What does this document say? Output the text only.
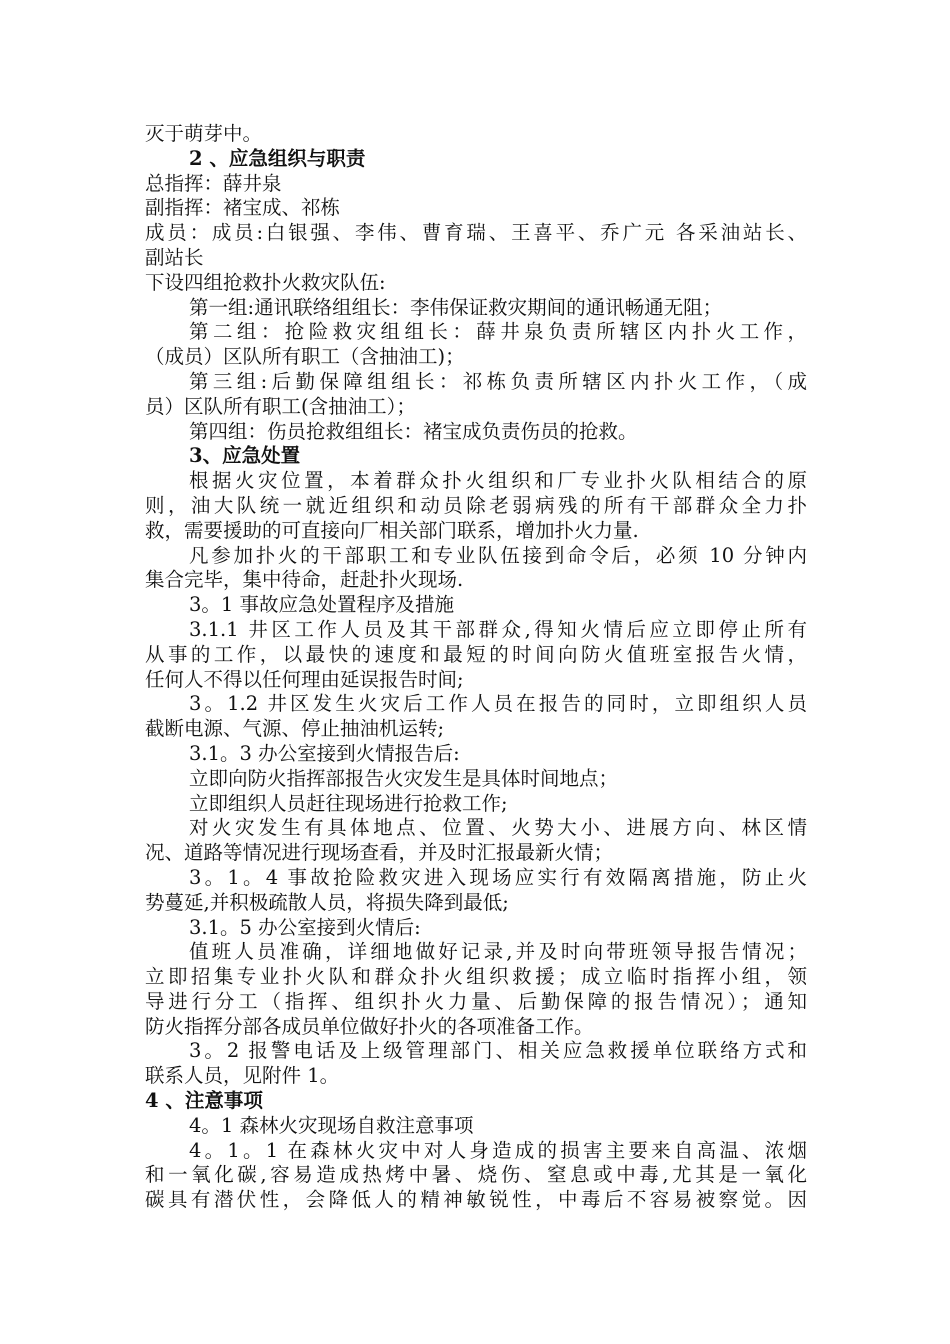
灭于萌芽中。
2 、应急组织与职责
总指挥：薛井泉
副指挥：褚宝成、祁栋
成员：成员:白银强、李伟、曹育瑞、王喜平、乔广元 各采油站长、
副站长
下设四组抢救扑火救灾队伍:
第一组:通讯联络组组长：李伟保证救灾期间的通讯畅通无阻；
第二组：抢险救灾组组长：薛井泉负责所辖区内扑火工作，
（成员）区队所有职工（含抽油工)；
第三组:后勤保障组组长：祁栋负责所辖区内扑火工作，（成
员）区队所有职工(含抽油工）；
第四组：伤员抢救组组长：褚宝成负责伤员的抢救。
3、应急处置
根据火灾位置，本着群众扑火组织和厂专业扑火队相结合的原
则，油大队统一就近组织和动员除老弱病残的所有干部群众全力扑
救，需要援助的可直接向厂相关部门联系，增加扑火力量.
凡参加扑火的干部职工和专业队伍接到命令后，必须 10 分钟内
集合完毕，集中待命，赶赴扑火现场.
3。1 事故应急处置程序及措施
3.1.1 井区工作人员及其干部群众,得知火情后应立即停止所有
从事的工作，以最快的速度和最短的时间向防火值班室报告火情，
任何人不得以任何理由延误报告时间;
3。1.2 井区发生火灾后工作人员在报告的同时，立即组织人员
截断电源、气源、停止抽油机运转;
3.1。3 办公室接到火情报告后:
立即向防火指挥部报告火灾发生是具体时间地点；
立即组织人员赶往现场进行抢救工作;
对火灾发生有具体地点、位置、火势大小、进展方向、林区情
况、道路等情况进行现场查看，并及时汇报最新火情；
3。1。4 事故抢险救灾进入现场应实行有效隔离措施，防止火
势蔓延,并积极疏散人员，将损失降到最低;
3.1。5 办公室接到火情后:
值班人员准确，详细地做好记录,并及时向带班领导报告情况；
立即招集专业扑火队和群众扑火组织救援；成立临时指挥小组，领
导进行分工（指挥、组织扑火力量、后勤保障的报告情况）；通知
防火指挥分部各成员单位做好扑火的各项准备工作。
3。2 报警电话及上级管理部门、相关应急救援单位联络方式和
联系人员，见附件 1。
4 、注意事项
4。1 森林火灾现场自救注意事项
4。1。1 在森林火灾中对人身造成的损害主要来自高温、浓烟
和一氧化碳,容易造成热烤中暑、烧伤、窒息或中毒,尤其是一氧化
碳具有潜伏性，会降低人的精神敏锐性，中毒后不容易被察觉。因
